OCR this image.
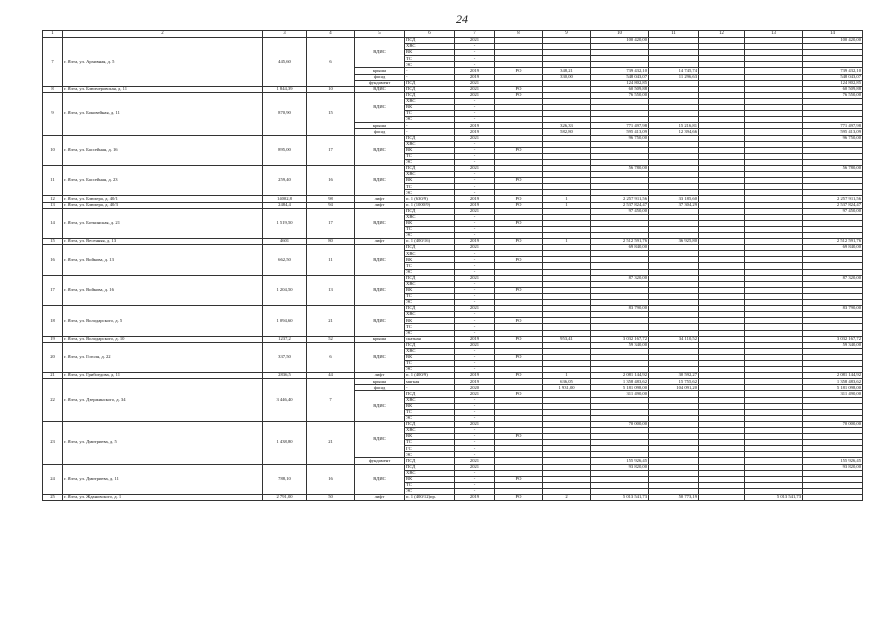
24
1	2	3	4	5	6	7	8	9	10	11	12	13	14
7	г. Ялта, ул. Архивная, д. 5	445,60	6	ВДИС	ПСД	2021			100 420,00				100 420,00
					ХВС	-							
					ВК	-							
					ТС	-							
					ЭС	-							
				крыша	-	2019	РО	348,21	739 432,10	14 745,74			739 432,10
				фасад	-	2019		330,00	548 043,07	11 296,63			548 043,07
				фундамент	ПСД	2021			124 802,85				124 802,85
8	г. Ялта, ул. Блюхчеровская, д. 11	1 844,39	10	ВДИС	ПСД	2021	РО		60 509,88				60 509,88
9	г. Ялта, ул. Боковейная, д. 11	870,90	15	ВДИС	ПСД	2021	РО		76 550,00				76 550,00
					ХВС	-							
					ВК	-							
					ТС	-							
					ЭС	-							
				крыша	-	2019		326,33	771 497,98	15 216,81			771 497,98
				фасад	-	2019		582,80	595 413,09	12 394,66			595 413,09
10	г. Ялта, ул. Бассейная, д. 16	895,00	17	ВДИС	ПСД	2021			96 750,00				96 750,00
					ХВС	-							
					ВК	-	РО						
					ТС	-							
					ЭС	-							
11	г. Ялта, ул. Бассейная, д. 23	259,40	16	ВДИС	ПСД	2021			56 780,00				56 780,00
					ХВС	-							
					ВК	-	РО						
					ТС	-							
					ЭС	-							
12	г. Ялта, ул. Блюхера, д. 40/1	14002,8	98	лифт	п. 1 (630/9)	2019	РО	1	2 257 911,56	33 185,60			2 257 911,56
13	г. Ялта, ул. Блюхера, д. 40/3	2484,4	94	лифт	п. 1 (1000/9)	2019	РО	1	2 537 824,47	37 304,29			2 537 824,47
14	г. Ялта, ул. Боткинская, д. 21	1 519,50	17	ВДИС	ПСД	2021			97 450,00				97 450,00
					ХВС	-							
					ВК	-	РО						
					ТС	-							
					ЭС	-							
15	г. Ялта, ул. Весенняя, д. 13	4601	80	лифт	п. 1 (400/16)	2019	РО	1	2 512 591,76	36 925,80			2 512 591,76
16	г. Ялта, ул. Войкова, д. 13	662,50	11	ВДИС	ПСД	2021			69 840,00				69 840,00
					ХВС	-							
					ВК	-	РО						
					ТС	-							
					ЭС	-							
17	г. Ялта, ул. Войкова, д. 16	1 204,50	13	ВДИС	ПСД	2021			87 320,00				87 320,00
					ХВС	-							
					ВК	-	РО						
					ТС	-							
					ЭС	-							
18	г. Ялта, ул. Володарского, д. 5	1 094,60	21	ВДИС	ПСД	2021			83 790,00				83 790,00
					ХВС	-							
					ВК	-	РО						
					ТС	-							
					ЭС	-							
19	г. Ялта, ул. Володарского, д. 10	1237,2	52	крыша	скатная	2019	РО	953,41	3 032 167,72	34 110,52			3 032 167,72
20	г. Ялта, ул. Гоголя, д. 22	337,50	6	ВДИС	ПСД	2021			59 340,00				59 340,00
					ХВС	-							
					ВК	-	РО						
					ТС	-							
					ЭС	-							
21	г. Ялта, ул. Грибоедова, д. 11	2836,5	44	лифт	п. 1 (400/9)	2019	РО	1	2 081 144,92	30 592,27			2 081 144,92
22	г. Ялта, ул. Дзержинского, д. 34	3 446,40	7	крыша	мягкая	2019		636,05	1 358 483,62	15 755,62			1 358 483,62
				фасад	-	2020		1 931,00	5 181 098,00	104 091,20			5 181 098,00
				ВДИС	ПСД	2021	РО		311 490,00				311 490,00
					ХВС	-							
					ВК	-							
					ТС	-							
					ЭС	-							
23	г. Ялта, ул. Дмитриева, д. 5	1 438,80	21	ВДИС	ПСД	2021			70 000,00				70 000,00
					ХВС	-							
					ВК	-	РО						
					ТС	-							
					ГС	-							
					ЭС	-							
				фундамент	ПСД	2021			155 926,45				155 926,45
24	г. Ялта, ул. Дмитриева, д. 11	788,10	16	ВДИС	ПСД	2021			93 820,00				93 820,00
					ХВС	-							
					ВК	-	РО						
					ТС	-							
					ЭС	-							
25	г. Ялта, ул. Ждановского, д. 1	2 791,00	50	лифт	п. 1 (400/12)пр.	2019	РО	2	5 013 541,73	50 773,19		5 013 541,73	
